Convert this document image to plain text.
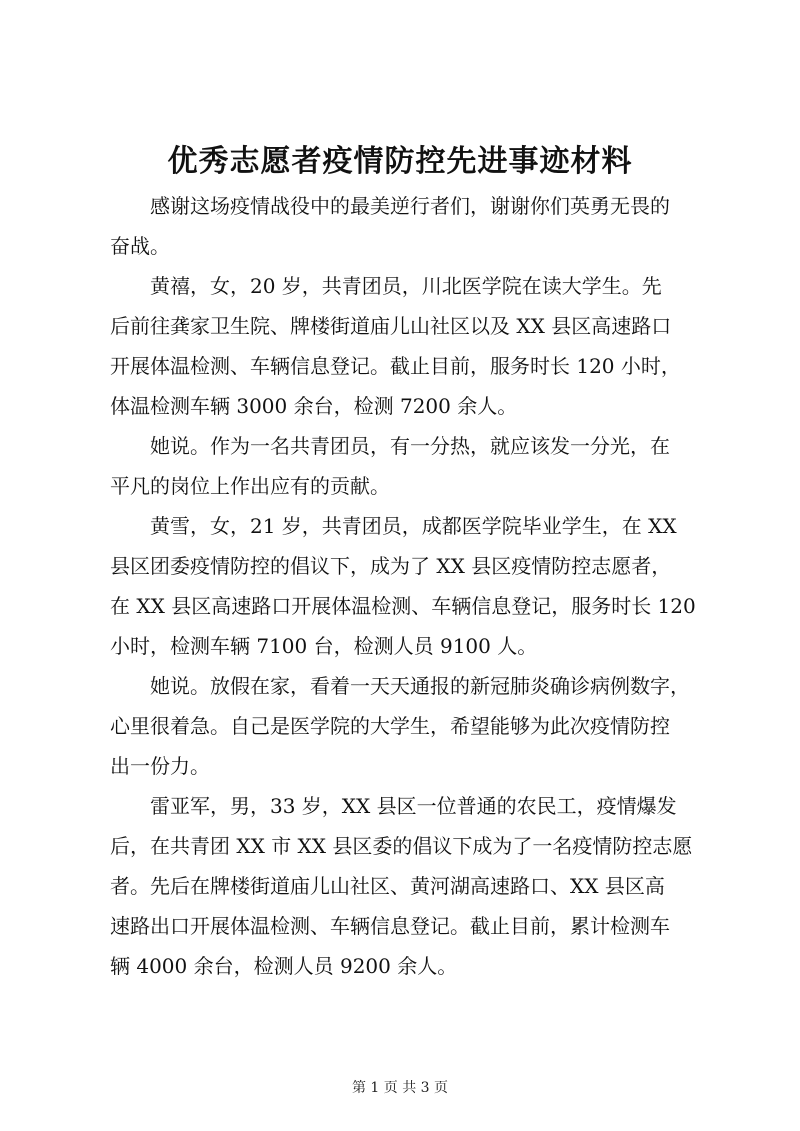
优秀志愿者疫情防控先进事迹材料
感谢这场疫情战役中的最美逆行者们，谢谢你们英勇无畏的
奋战。
黄禧，女，20 岁，共青团员，川北医学院在读大学生。先
后前往龚家卫生院、牌楼街道庙儿山社区以及 XX 县区高速路口
开展体温检测、车辆信息登记。截止目前，服务时长 120 小时，
体温检测车辆 3000 余台，检测 7200 余人。
她说。作为一名共青团员，有一分热，就应该发一分光，在
平凡的岗位上作出应有的贡献。
黄雪，女，21 岁，共青团员，成都医学院毕业学生，在 XX
县区团委疫情防控的倡议下，成为了 XX 县区疫情防控志愿者，
在 XX 县区高速路口开展体温检测、车辆信息登记，服务时长 120
小时，检测车辆 7100 台，检测人员 9100 人。
她说。放假在家，看着一天天通报的新冠肺炎确诊病例数字，
心里很着急。自己是医学院的大学生，希望能够为此次疫情防控
出一份力。
雷亚军，男，33 岁，XX 县区一位普通的农民工，疫情爆发
后，在共青团 XX 市 XX 县区委的倡议下成为了一名疫情防控志愿
者。先后在牌楼街道庙儿山社区、黄河湖高速路口、XX 县区高
速路出口开展体温检测、车辆信息登记。截止目前，累计检测车
辆 4000 余台，检测人员 9200 余人。
第 1 页 共 3 页
